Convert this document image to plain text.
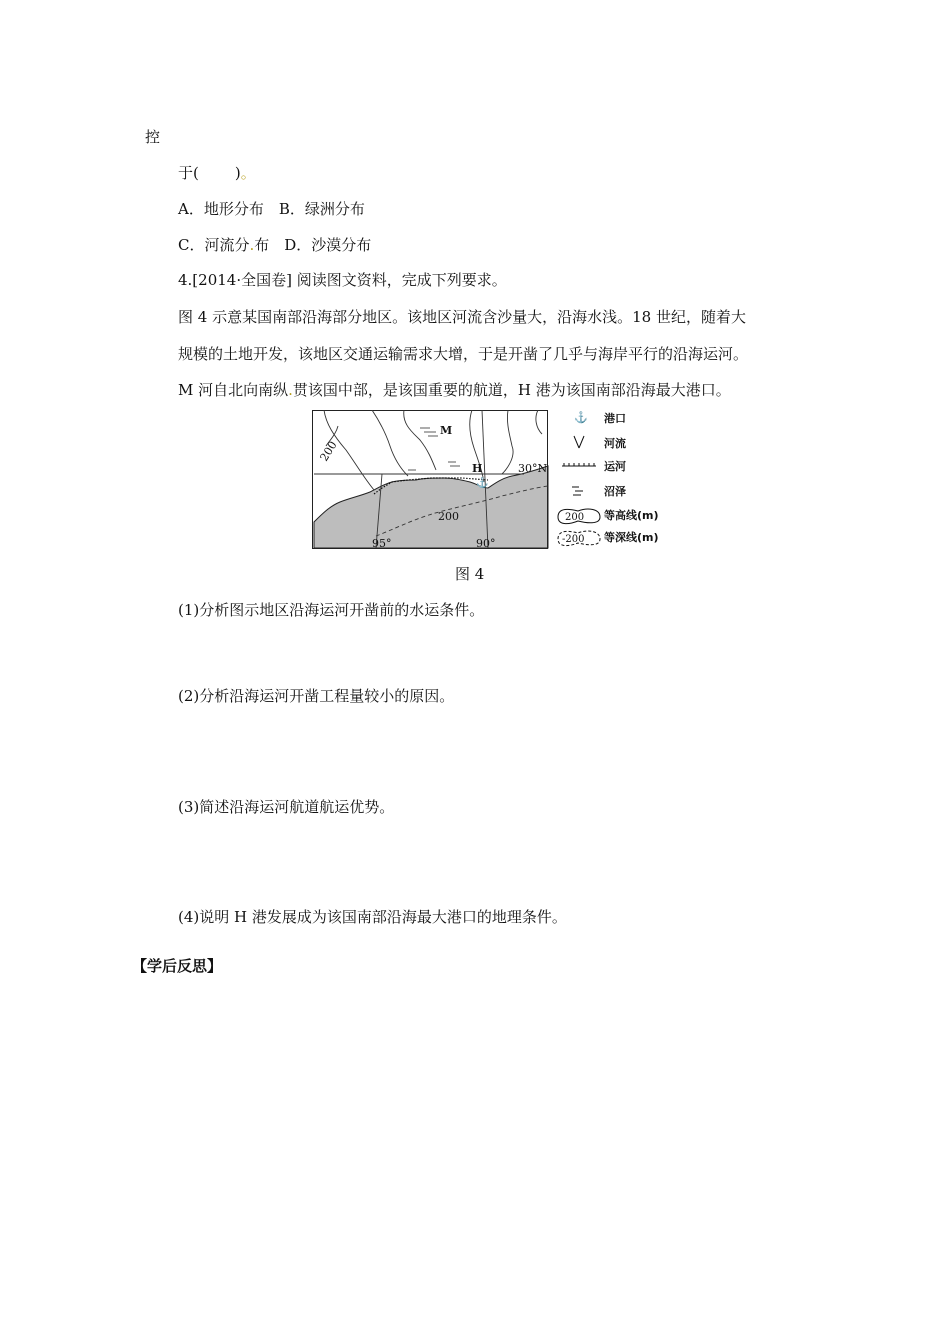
控
于( )。
A．地形分布　B．绿洲分布
C．河流分.布　D．沙漠分布
4.[2014·全国卷] 阅读图文资料，完成下列要求。
图 4 示意某国南部沿海部分地区。该地区河流含沙量大，沿海水浅。18 世纪，随着大
规模的土地开发，该地区交通运输需求大增，于是开凿了几乎与海岸平行的沿海运河。
M 河自北向南纵.贯该国中部，是该国重要的航道，H 港为该国南部沿海最大港口。
200
200
M
H
⚓
30°N
95°	90°
⚓ 港口
河流
运河
沼泽
200 等高线(m)
-200 等深线(m)
图 4
(1)分析图示地区沿海运河开凿前的水运条件。
(2)分析沿海运河开凿工程量较小的原因。
(3)简述沿海运河航道航运优势。
(4)说明 H 港发展成为该国南部沿海最大港口的地理条件。
【学后反思】
